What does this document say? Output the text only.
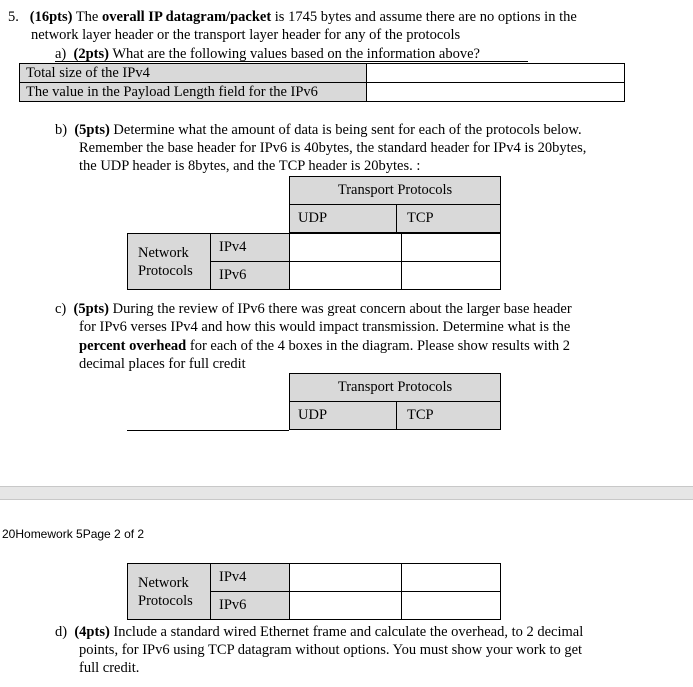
5. (16pts) The overall IP datagram/packet is 1745 bytes and assume there are no options in the
network layer header or the transport layer header for any of the protocols
a) (2pts) What are the following values based on the information above?
Total size of the IPv4	
The value in the Payload Length field for the IPv6	
b) (5pts) Determine what the amount of data is being sent for each of the protocols below.
Remember the base header for IPv6 is 40bytes, the standard header for IPv4 is 20bytes,
the UDP header is 8bytes, and the TCP header is 20bytes. :
Transport Protocols
UDP	TCP
Network
Protocols	IPv4		
	IPv6		
c) (5pts) During the review of IPv6 there was great concern about the larger base header
for IPv6 verses IPv4 and how this would impact transmission. Determine what is the
percent overhead for each of the 4 boxes in the diagram. Please show results with 2
decimal places for full credit
Transport Protocols
UDP	TCP
20Homework 5Page 2 of 2
Network
Protocols	IPv4		
	IPv6		
d) (4pts) Include a standard wired Ethernet frame and calculate the overhead, to 2 decimal
points, for IPv6 using TCP datagram without options. You must show your work to get
full credit.
